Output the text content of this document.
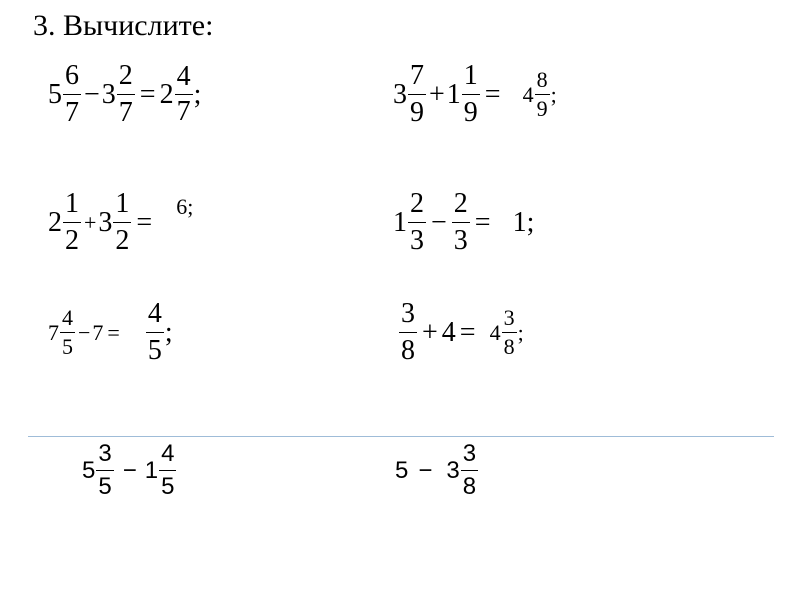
3. Вычислите:
$5 \frac{6}{7} - 3 \frac{2}{7} = 2 \frac{4}{7}$ ;	$3 \frac{7}{9} + 1 \frac{1}{9} = 4 \frac{8}{9}$ ;
$2 \frac{1}{2} + 3 \frac{1}{2} = 6$;	$1 \frac{2}{3} - \frac{2}{3} = 1$;
$7 \frac{4}{5} - 7 = \frac{4}{5}$ ;	$\frac{3}{8} + 4 = 4 \frac{3}{8}$ ;
$5 \frac{3}{5} - 1 \frac{4}{5}$	$5 - 3 \frac{3}{8}$
